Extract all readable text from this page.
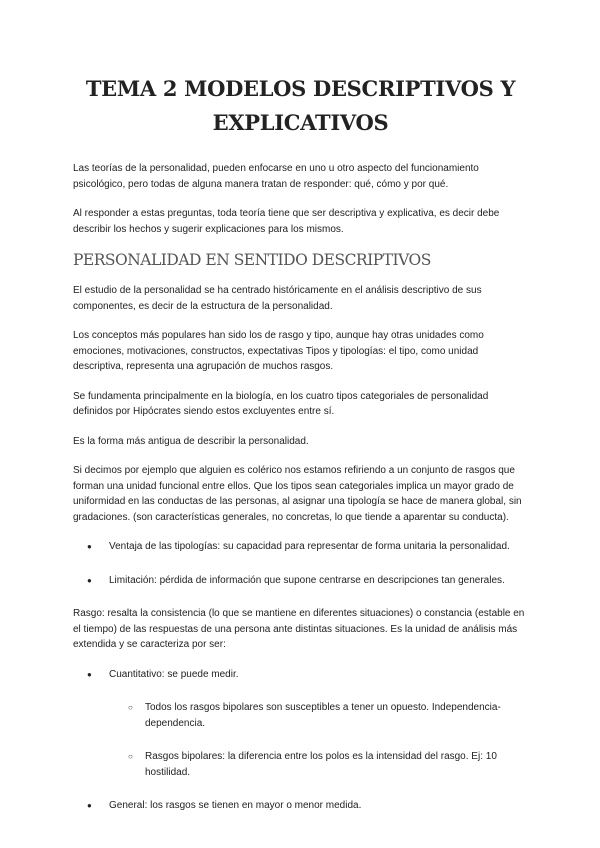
TEMA 2 MODELOS DESCRIPTIVOS Y
EXPLICATIVOS

Las teorías de la personalidad, pueden enfocarse en uno u otro aspecto del funcionamiento psicológico, pero todas de alguna manera tratan de responder: qué, cómo y por qué.

Al responder a estas preguntas, toda teoría tiene que ser descriptiva y explicativa, es decir debe describir los hechos y sugerir explicaciones para los mismos.

PERSONALIDAD EN SENTIDO DESCRIPTIVOS

El estudio de la personalidad se ha centrado históricamente en el análisis descriptivo de sus componentes, es decir de la estructura de la personalidad.

Los conceptos más populares han sido los de rasgo y tipo, aunque hay otras unidades como emociones, motivaciones, constructos, expectativas Tipos y tipologías: el tipo, como unidad descriptiva, representa una agrupación de muchos rasgos.

Se fundamenta principalmente en la biología, en los cuatro tipos categoriales de personalidad definidos por Hipócrates siendo estos excluyentes entre sí.

Es la forma más antigua de describir la personalidad.

Si decimos por ejemplo que alguien es colérico nos estamos refiriendo a un conjunto de rasgos que forman una unidad funcional entre ellos. Que los tipos sean categoriales implica un mayor grado de uniformidad en las conductas de las personas, al asignar una tipología se hace de manera global, sin gradaciones. (son características generales, no concretas, lo que tiende a aparentar su conducta).

● Ventaja de las tipologías: su capacidad para representar de forma unitaria la personalidad.
● Limitación: pérdida de información que supone centrarse en descripciones tan generales.

Rasgo: resalta la consistencia (lo que se mantiene en diferentes situaciones) o constancia (estable en el tiempo) de las respuestas de una persona ante distintas situaciones. Es la unidad de análisis más extendida y se caracteriza por ser:

● Cuantitativo: se puede medir.
○ Todos los rasgos bipolares son susceptibles a tener un opuesto. Independencia-dependencia.
○ Rasgos bipolares: la diferencia entre los polos es la intensidad del rasgo. Ej: 10 hostilidad.
● General: los rasgos se tienen en mayor o menor medida.
